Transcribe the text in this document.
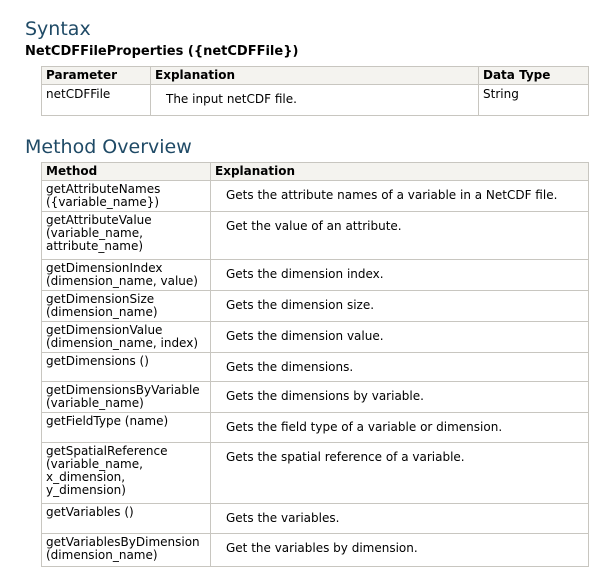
Syntax
NetCDFFileProperties ({netCDFFile})
Parameter	Explanation	Data Type
netCDFFile	The input netCDF file.	String
Method Overview
Method	Explanation
getAttributeNames ({variable_name})	Gets the attribute names of a variable in a NetCDF file.
getAttributeValue (variable_name, attribute_name)	Get the value of an attribute.
getDimensionIndex (dimension_name, value)	Gets the dimension index.
getDimensionSize (dimension_name)	Gets the dimension size.
getDimensionValue (dimension_name, index)	Gets the dimension value.
getDimensions ()	Gets the dimensions.
getDimensionsByVariable (variable_name)	Gets the dimensions by variable.
getFieldType (name)	Gets the field type of a variable or dimension.
getSpatialReference (variable_name, x_dimension, y_dimension)	Gets the spatial reference of a variable.
getVariables ()	Gets the variables.
getVariablesByDimension (dimension_name)	Get the variables by dimension.
